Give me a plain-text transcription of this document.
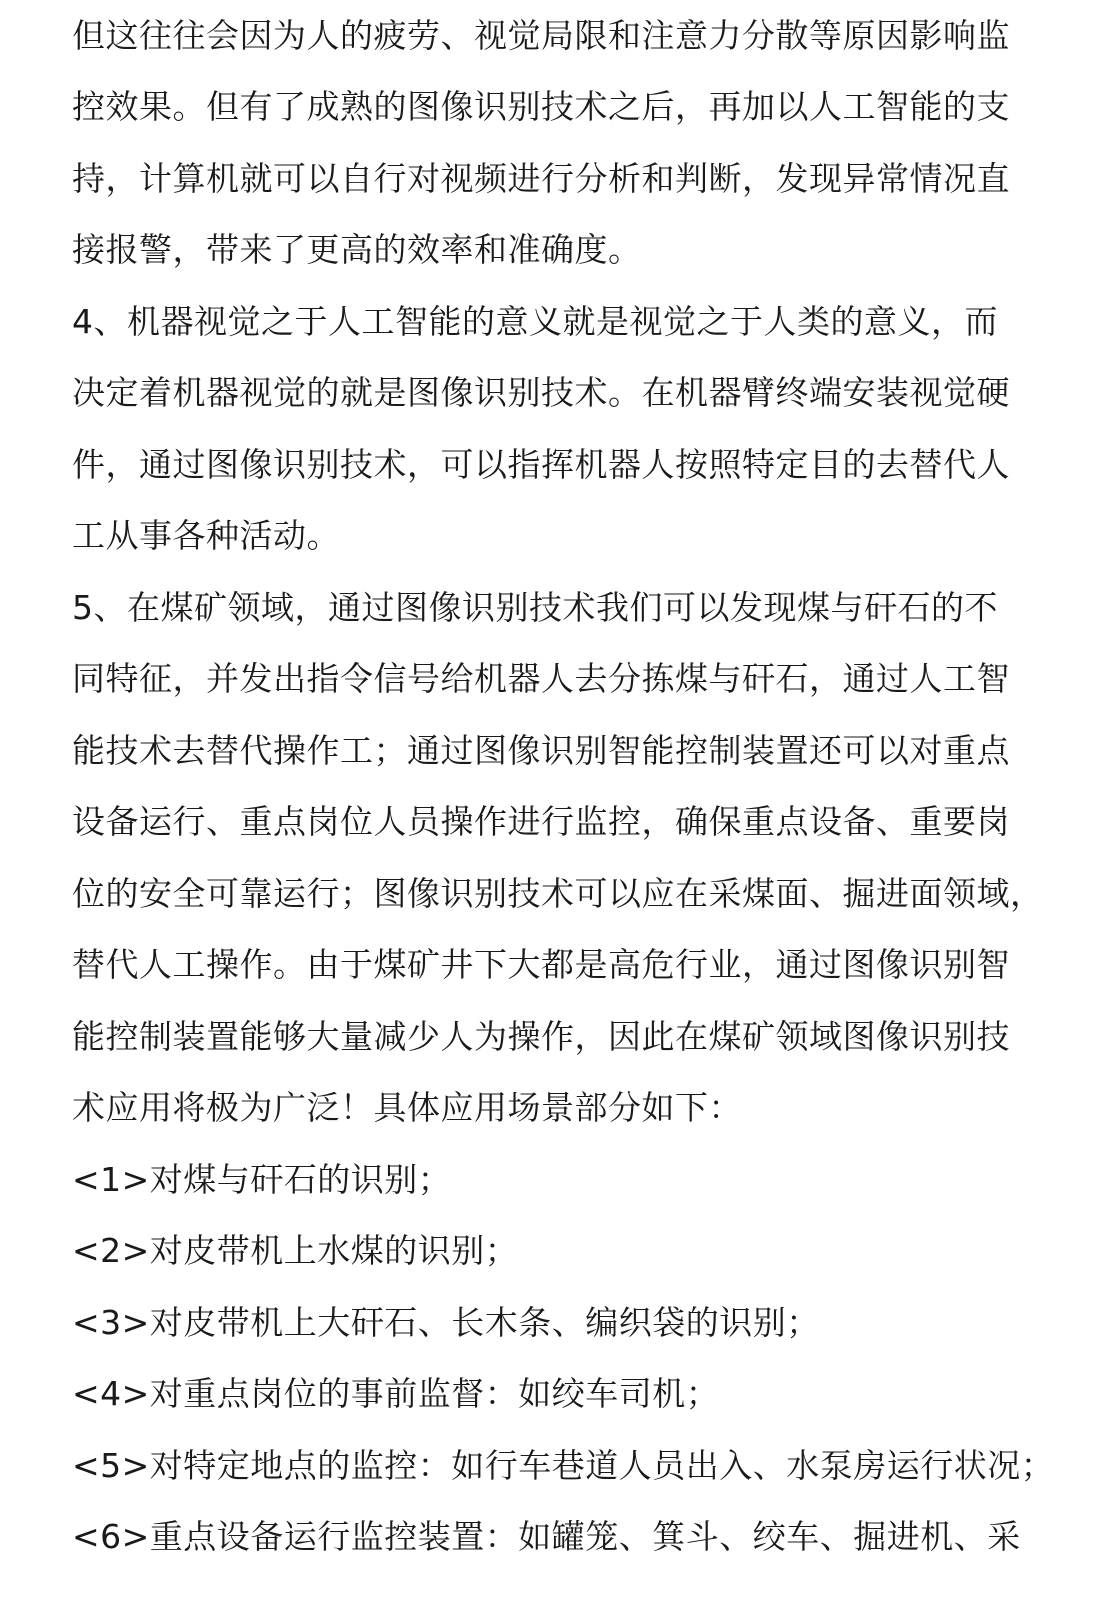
但这往往会因为人的疲劳、视觉局限和注意力分散等原因影响监
控效果。但有了成熟的图像识别技术之后，再加以人工智能的支
持，计算机就可以自行对视频进行分析和判断，发现异常情况直
接报警，带来了更高的效率和准确度。
4、机器视觉之于人工智能的意义就是视觉之于人类的意义，而
决定着机器视觉的就是图像识别技术。在机器臂终端安装视觉硬
件，通过图像识别技术，可以指挥机器人按照特定目的去替代人
工从事各种活动。
5、在煤矿领域，通过图像识别技术我们可以发现煤与矸石的不
同特征，并发出指令信号给机器人去分拣煤与矸石，通过人工智
能技术去替代操作工；通过图像识别智能控制装置还可以对重点
设备运行、重点岗位人员操作进行监控，确保重点设备、重要岗
位的安全可靠运行；图像识别技术可以应在采煤面、掘进面领域，
替代人工操作。由于煤矿井下大都是高危行业，通过图像识别智
能控制装置能够大量减少人为操作，因此在煤矿领域图像识别技
术应用将极为广泛！具体应用场景部分如下：
<1>对煤与矸石的识别；
<2>对皮带机上水煤的识别；
<3>对皮带机上大矸石、长木条、编织袋的识别；
<4>对重点岗位的事前监督：如绞车司机；
<5>对特定地点的监控：如行车巷道人员出入、水泵房运行状况；
<6>重点设备运行监控装置：如罐笼、箕斗、绞车、掘进机、采
